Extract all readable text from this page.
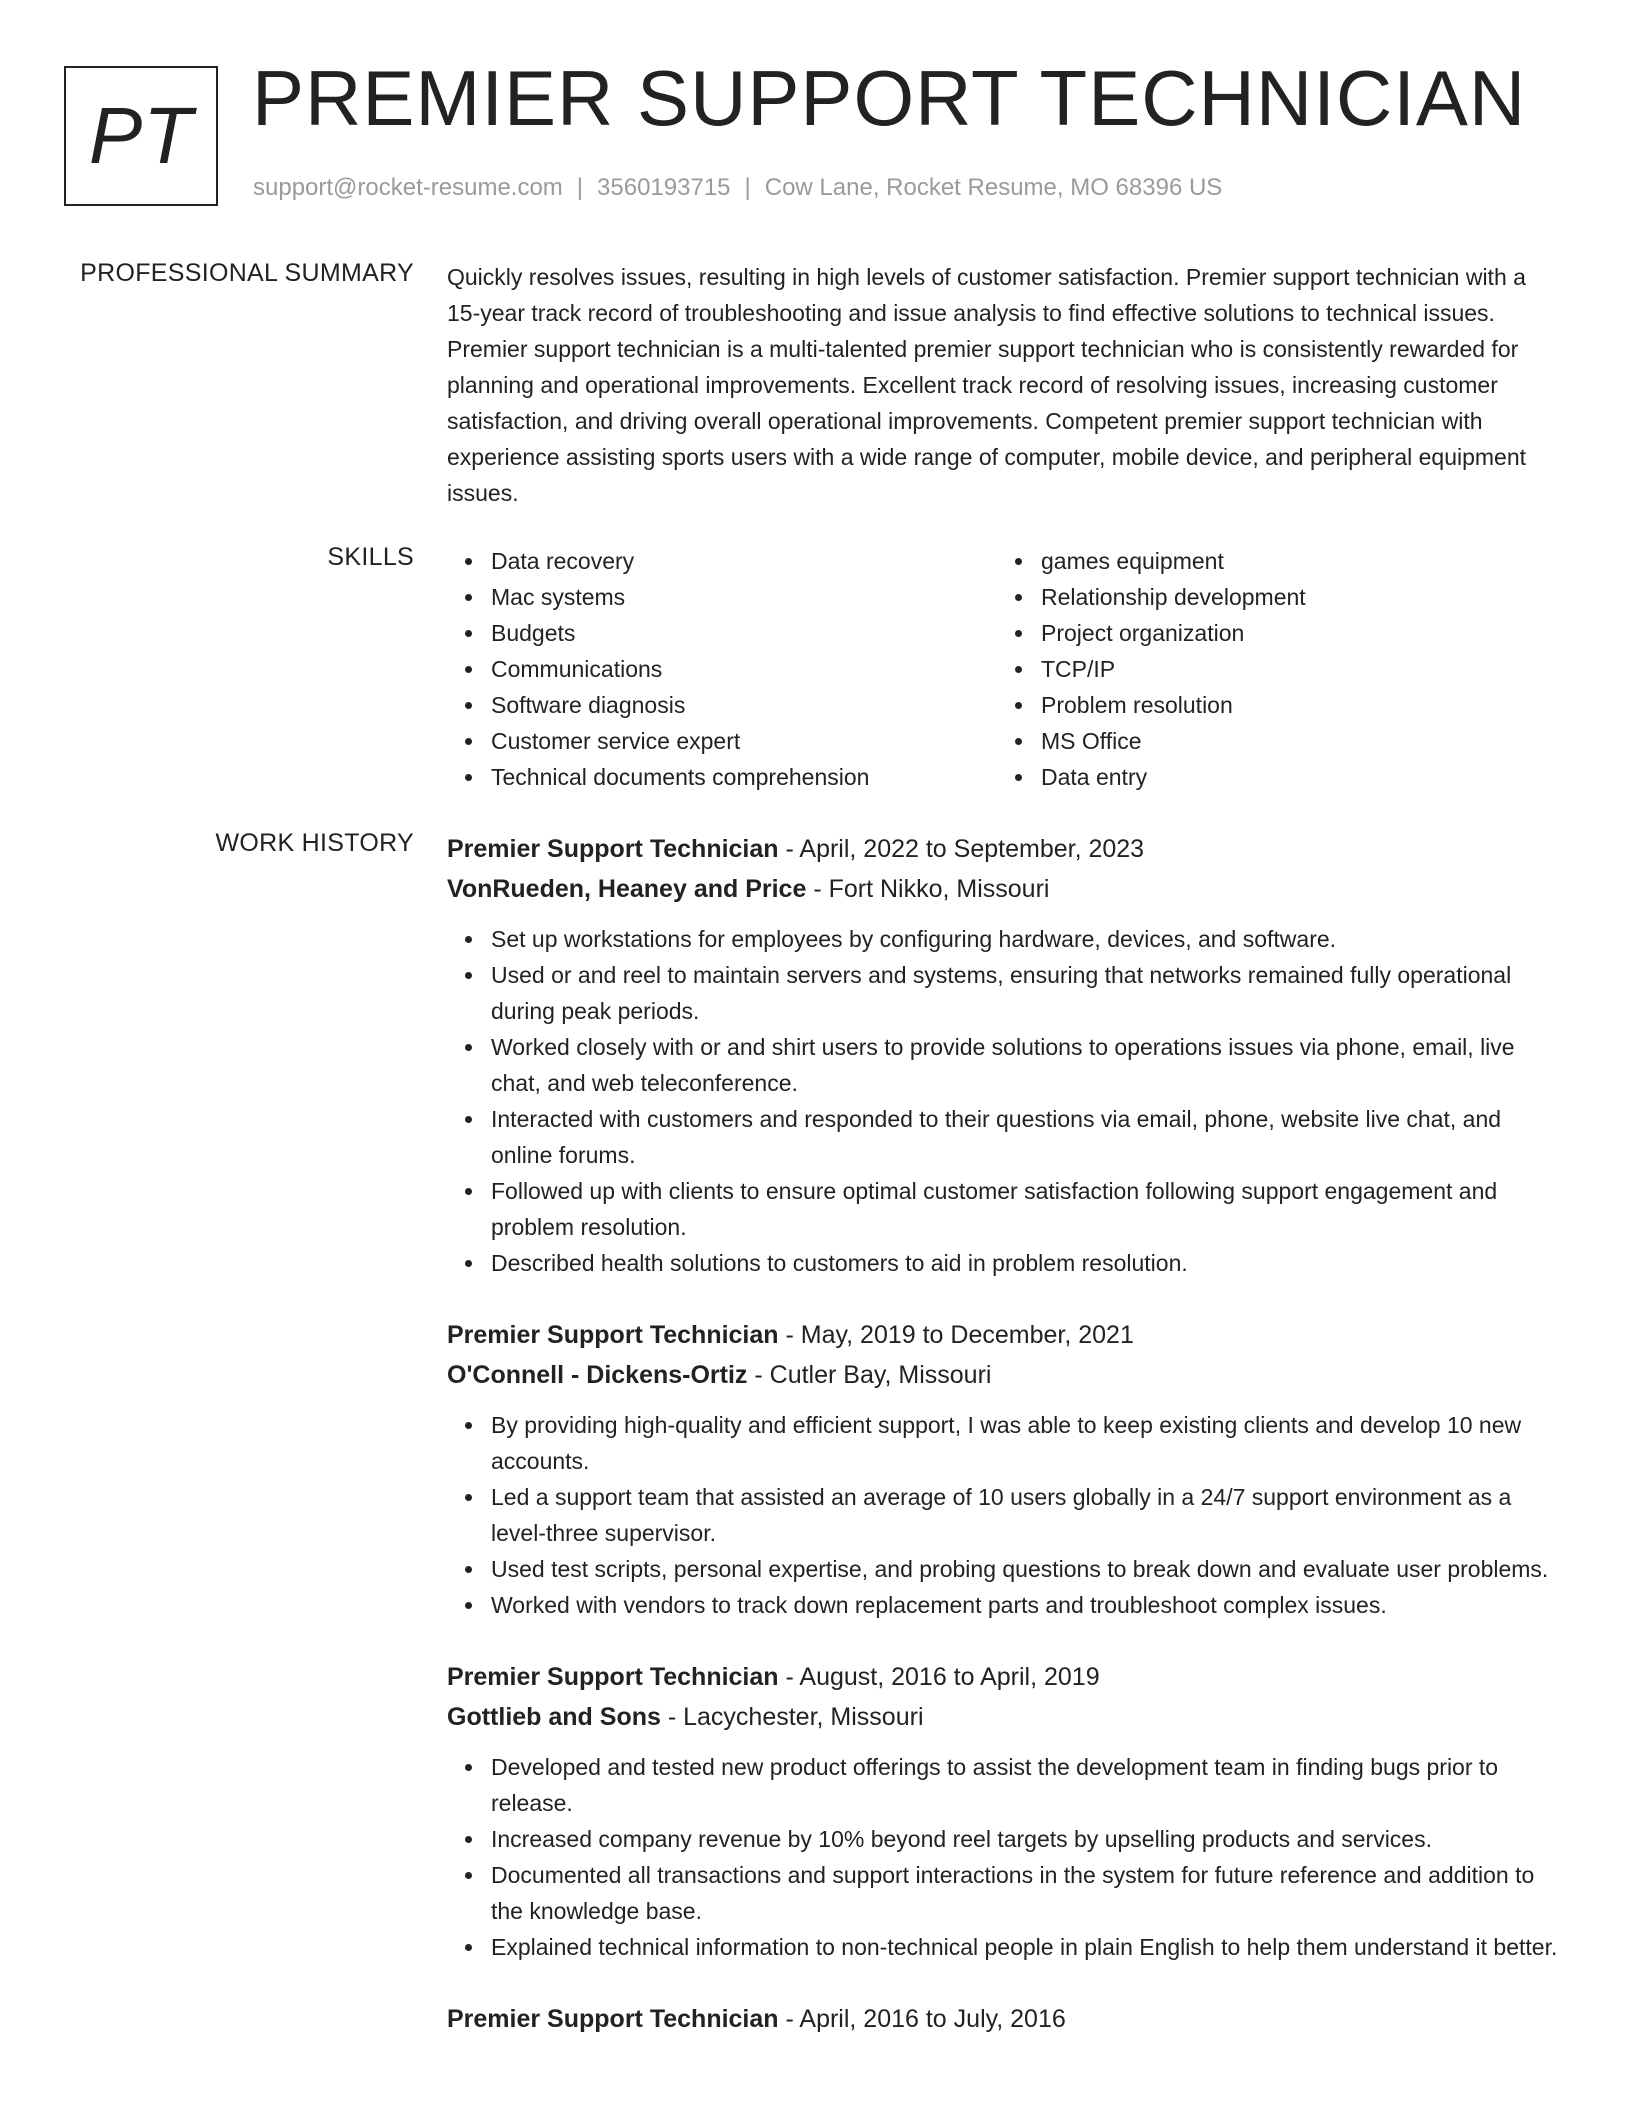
PT PREMIER SUPPORT TECHNICIAN
support@rocket-resume.com | 3560193715 | Cow Lane, Rocket Resume, MO 68396 US
PROFESSIONAL SUMMARY Quickly resolves issues, resulting in high levels of customer satisfaction. Premier support technician with a 15-year track record of troubleshooting and issue analysis to find effective solutions to technical issues. Premier support technician is a multi-talented premier support technician who is consistently rewarded for planning and operational improvements. Excellent track record of resolving issues, increasing customer satisfaction, and driving overall operational improvements. Competent premier support technician with experience assisting sports users with a wide range of computer, mobile device, and peripheral equipment issues.

SKILLS	Data recovery
Mac systems
Budgets
Communications
Software diagnosis
Customer service expert
Technical documents comprehension
games equipment
Relationship development
Project organization
TCP/IP
Problem resolution
MS Office
Data entry
WORK HISTORY Premier Support Technician - April, 2022 to September, 2023
VonRueden, Heaney and Price - Fort Nikko, Missouri
Set up workstations for employees by configuring hardware, devices, and software.
Used or and reel to maintain servers and systems, ensuring that networks remained fully operational during peak periods.
Worked closely with or and shirt users to provide solutions to operations issues via phone, email, live chat, and web teleconference.
Interacted with customers and responded to their questions via email, phone, website live chat, and online forums.
Followed up with clients to ensure optimal customer satisfaction following support engagement and problem resolution.
Described health solutions to customers to aid in problem resolution.
Premier Support Technician - May, 2019 to December, 2021
O'Connell - Dickens-Ortiz - Cutler Bay, Missouri
By providing high-quality and efficient support, I was able to keep existing clients and develop 10 new accounts.
Led a support team that assisted an average of 10 users globally in a 24/7 support environment as a level-three supervisor.
Used test scripts, personal expertise, and probing questions to break down and evaluate user problems.
Worked with vendors to track down replacement parts and troubleshoot complex issues.
Premier Support Technician - August, 2016 to April, 2019
Gottlieb and Sons - Lacychester, Missouri
Developed and tested new product offerings to assist the development team in finding bugs prior to release.
Increased company revenue by 10% beyond reel targets by upselling products and services.
Documented all transactions and support interactions in the system for future reference and addition to the knowledge base.
Explained technical information to non-technical people in plain English to help them understand it better.
Premier Support Technician - April, 2016 to July, 2016
